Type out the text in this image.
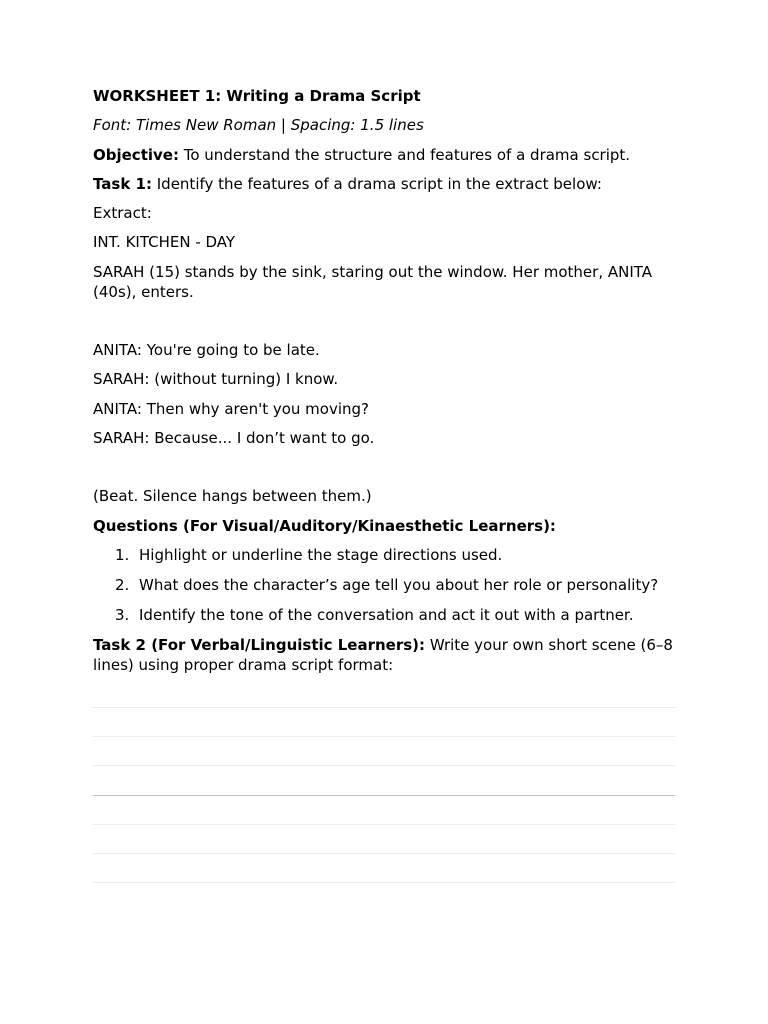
WORKSHEET 1: Writing a Drama Script
Font: Times New Roman | Spacing: 1.5 lines
Objective: To understand the structure and features of a drama script.
Task 1: Identify the features of a drama script in the extract below:
Extract:
INT. KITCHEN - DAY
SARAH (15) stands by the sink, staring out the window. Her mother, ANITA (40s), enters.
ANITA: You're going to be late.
SARAH: (without turning) I know.
ANITA: Then why aren't you moving?
SARAH: Because... I don’t want to go.
(Beat. Silence hangs between them.)
Questions (For Visual/Auditory/Kinaesthetic Learners):
1. Highlight or underline the stage directions used.
2. What does the character’s age tell you about her role or personality?
3. Identify the tone of the conversation and act it out with a partner.
Task 2 (For Verbal/Linguistic Learners): Write your own short scene (6–8 lines) using proper drama script format:
